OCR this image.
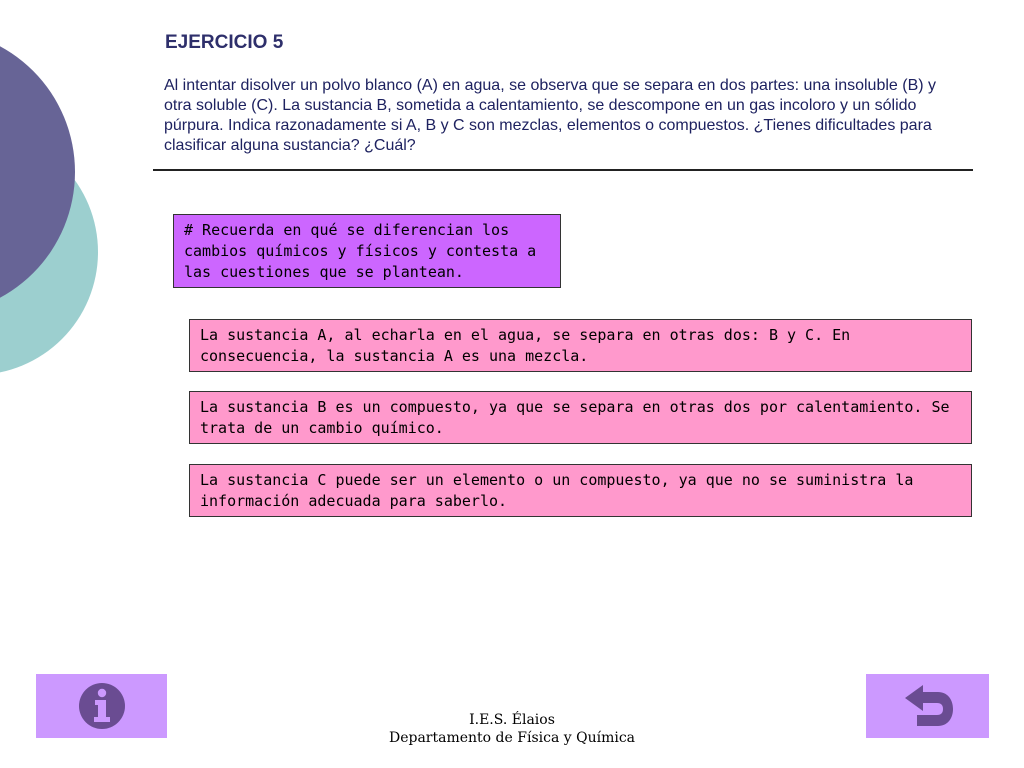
EJERCICIO 5
Al intentar disolver un polvo blanco (A) en agua, se observa que se separa en dos partes: una insoluble (B) y otra soluble (C). La sustancia B, sometida a calentamiento, se descompone en un gas incoloro y un sólido púrpura. Indica razonadamente si A, B y C son mezclas, elementos o compuestos. ¿Tienes dificultades para clasificar alguna sustancia? ¿Cuál?
# Recuerda en qué se diferencian los cambios químicos y físicos y contesta a las cuestiones que se plantean.
La sustancia A, al echarla en el agua, se separa en otras dos: B y C. En consecuencia, la sustancia A es una mezcla.
La sustancia B es un compuesto, ya que se separa en otras dos por calentamiento. Se trata de un cambio químico.
La sustancia C puede ser un elemento o un compuesto, ya que no se suministra la información adecuada para saberlo.
I.E.S. Élaios
Departamento de Física y Química
